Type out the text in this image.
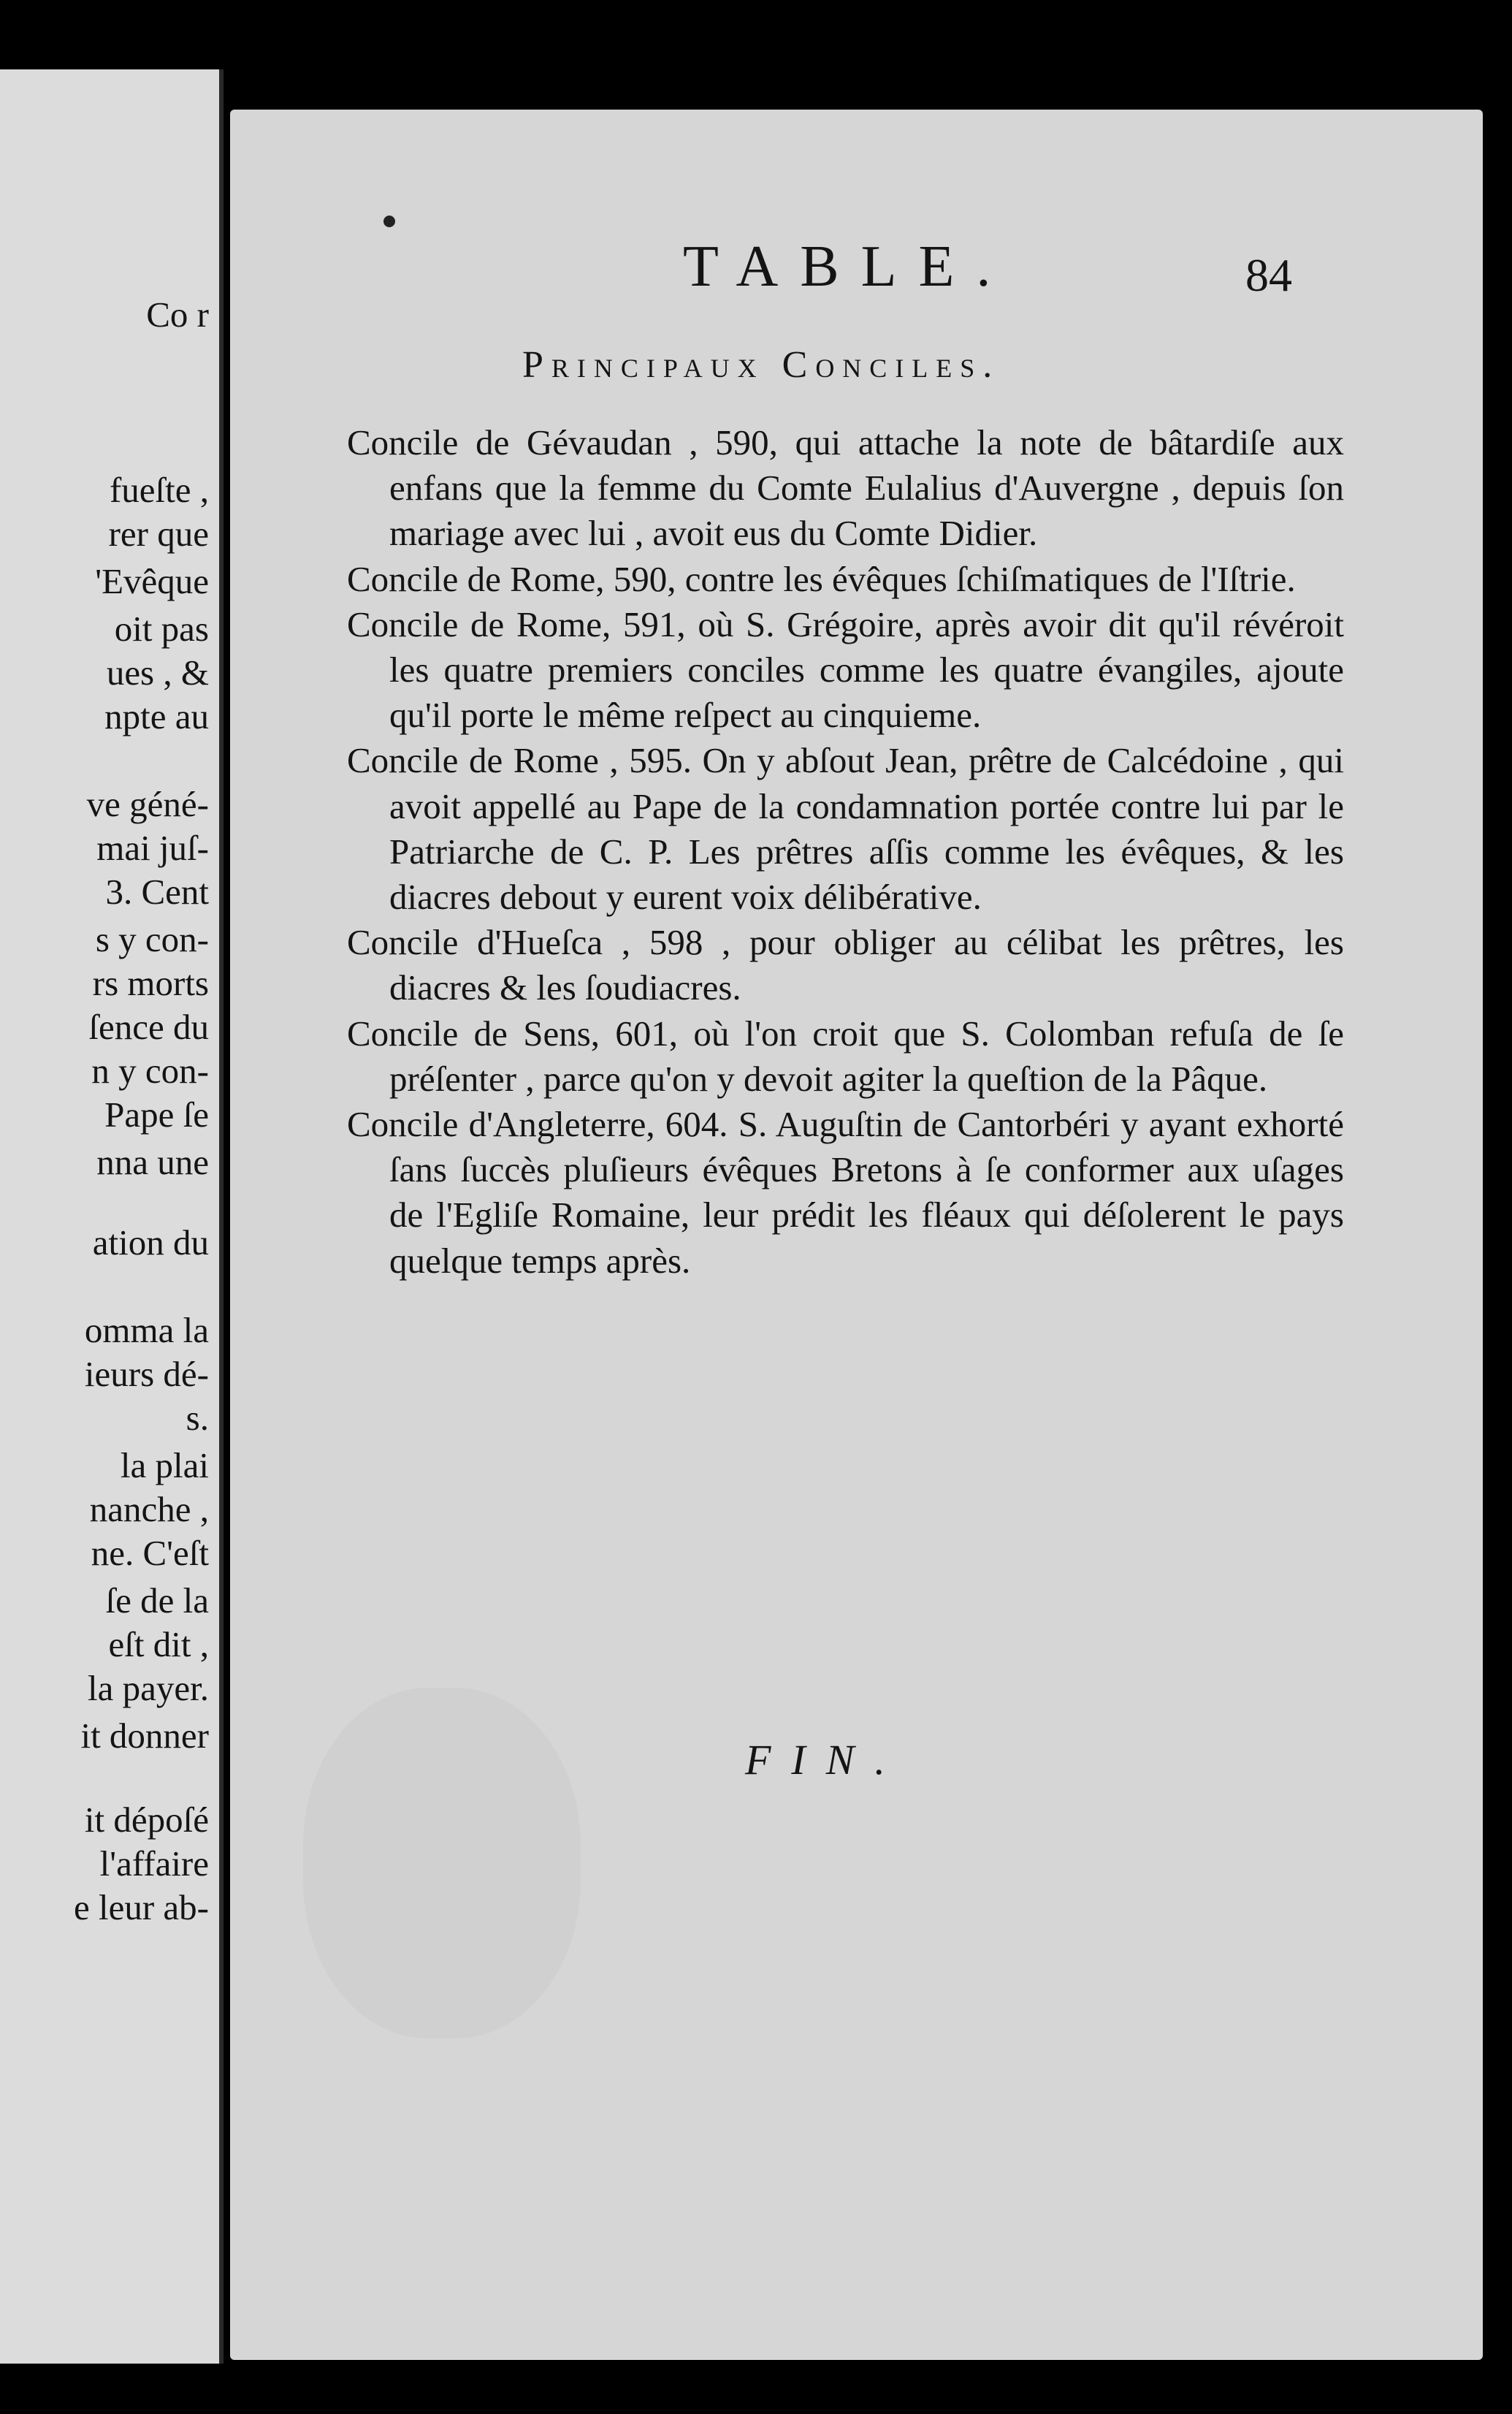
Co r
fueſte ,
rer que
'Evêque
oit pas
ues , &
npte au
ve géné-
mai juſ-
3. Cent
s y con-
rs morts
ſence du
n y con-
Pape ſe
nna une
ation du
omma la
ieurs dé-
s.
la plai
nanche ,
ne. C'eſt
ſe de la
eſt dit ,
la payer.
it donner
it dépoſé
l'affaire
e leur ab-
TABLE.	84
Principaux Conciles.

Concile de Gévaudan , 590, qui attache la note de bâtardiſe aux enfans que la femme du Comte Eulalius d'Auvergne , depuis ſon mariage avec lui , avoit eus du Comte Didier.

Concile de Rome, 590, contre les évêques ſchiſmatiques de l'Iſtrie.

Concile de Rome, 591, où S. Grégoire, après avoir dit qu'il révéroit les quatre premiers conciles comme les quatre évangiles, ajoute qu'il porte le même reſpect au cinquieme.

Concile de Rome , 595. On y abſout Jean, prêtre de Calcédoine , qui avoit appellé au Pape de la condamnation portée contre lui par le Patriarche de C. P. Les prêtres aſſis comme les évêques, & les diacres debout y eurent voix délibérative.

Concile d'Hueſca , 598 , pour obliger au célibat les prêtres, les diacres & les ſoudiacres.

Concile de Sens, 601, où l'on croit que S. Colomban refuſa de ſe préſenter , parce qu'on y devoit agiter la queſtion de la Pâque.

Concile d'Angleterre, 604. S. Auguſtin de Cantorbéri y ayant exhorté ſans ſuccès pluſieurs évêques Bretons à ſe conformer aux uſages de l'Egliſe Romaine, leur prédit les fléaux qui déſolerent le pays quelque temps après.

FIN.
